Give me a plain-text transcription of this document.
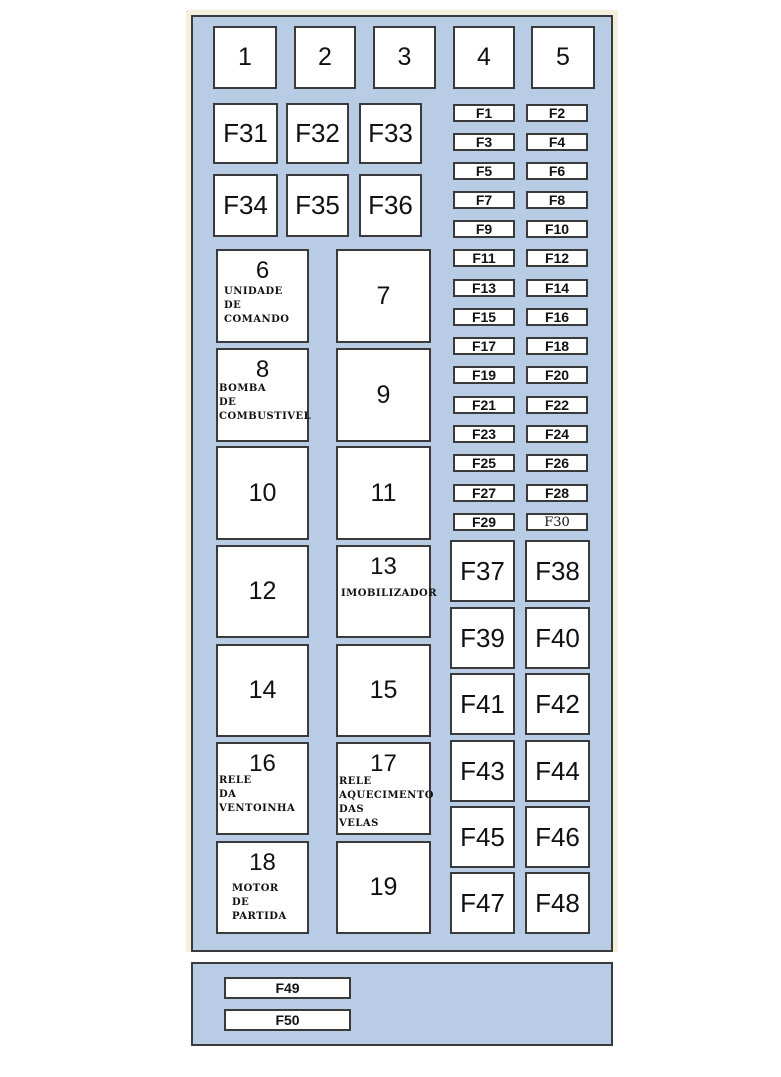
1	2	3	4	5
F31	F32	F33
F34	F35	F36
F1	F2
F3	F4
F5	F6
F7	F8
F9	F10
F11	F12
F13	F14
F15	F16
F17	F18
F19	F20
F21	F22
F23	F24
F25	F26
F27	F28
F29	F30
6
UNIDADE
DE
COMANDO
7
8
BOMBA
DE
COMBUSTIVEL
9
10	11
12
13
IMOBILIZADOR
14	15
16
RELE
DA
VENTOINHA
17
RELE
AQUECIMENTO
DAS
VELAS
18
MOTOR
DE
PARTIDA
19
F37	F38
F39	F40
F41	F42
F43	F44
F45	F46
F47	F48
F49
F50
